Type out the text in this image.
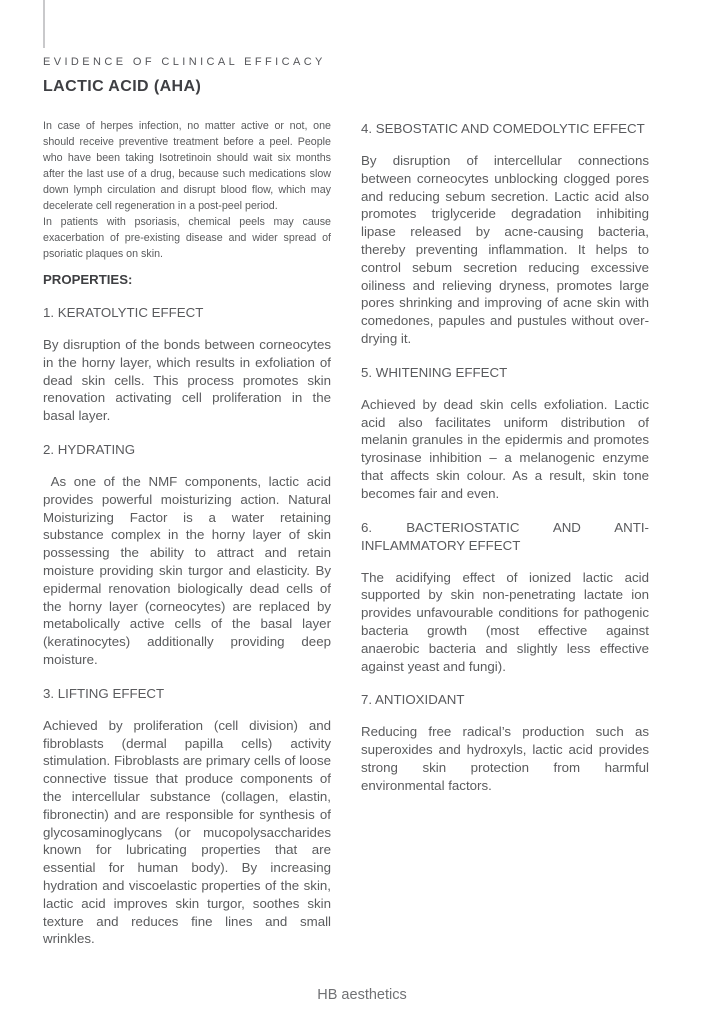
EVIDENCE OF CLINICAL EFFICACY
LACTIC ACID (AHA)

In case of herpes infection, no matter active or not, one should receive preventive treatment before a peel. People who have been taking Isotretinoin should wait six months after the last use of a drug, because such medications slow down lymph circulation and disrupt blood flow, which may decelerate cell regeneration in a post-peel period.

In patients with psoriasis, chemical peels may cause exacerbation of pre-existing disease and wider spread of psoriatic plaques on skin.

PROPERTIES:
1. KERATOLYTIC EFFECT

By disruption of the bonds between corneocytes in the horny layer, which results in exfoliation of dead skin cells. This process promotes skin renovation activating cell proliferation in the basal layer.

2. HYDRATING

As one of the NMF components, lactic acid provides powerful moisturizing action. Natural Moisturizing Factor is a water retaining substance complex in the horny layer of skin possessing the ability to attract and retain moisture providing skin turgor and elasticity. By epidermal renovation biologically dead cells of the horny layer (corneocytes) are replaced by metabolically active cells of the basal layer (keratinocytes) additionally providing deep moisture.

3. LIFTING EFFECT

Achieved by proliferation (cell division) and fibroblasts (dermal papilla cells) activity stimulation. Fibroblasts are primary cells of loose connective tissue that produce components of the intercellular substance (collagen, elastin, fibronectin) and are responsible for synthesis of glycosaminoglycans (or mucopolysaccharides known for lubricating properties that are essential for human body). By increasing hydration and viscoelastic properties of the skin, lactic acid improves skin turgor, soothes skin texture and reduces fine lines and small wrinkles.

4. SEBOSTATIC AND COMEDOLYTIC EFFECT

By disruption of intercellular connections between corneocytes unblocking clogged pores and reducing sebum secretion. Lactic acid also promotes triglyceride degradation inhibiting lipase released by acne-causing bacteria, thereby preventing inflammation. It helps to control sebum secretion reducing excessive oiliness and relieving dryness, promotes large pores shrinking and improving of acne skin with comedones, papules and pustules without over-drying it.

5. WHITENING EFFECT

Achieved by dead skin cells exfoliation. Lactic acid also facilitates uniform distribution of melanin granules in the epidermis and promotes tyrosinase inhibition – a melanogenic enzyme that affects skin colour. As a result, skin tone becomes fair and even.

6. BACTERIOSTATIC AND ANTI-INFLAMMATORY EFFECT

The acidifying effect of ionized lactic acid supported by skin non-penetrating lactate ion provides unfavourable conditions for pathogenic bacteria growth (most effective against anaerobic bacteria and slightly less effective against yeast and fungi).

7. ANTIOXIDANT

Reducing free radical’s production such as superoxides and hydroxyls, lactic acid provides strong skin protection from harmful environmental factors.

HB aesthetics
